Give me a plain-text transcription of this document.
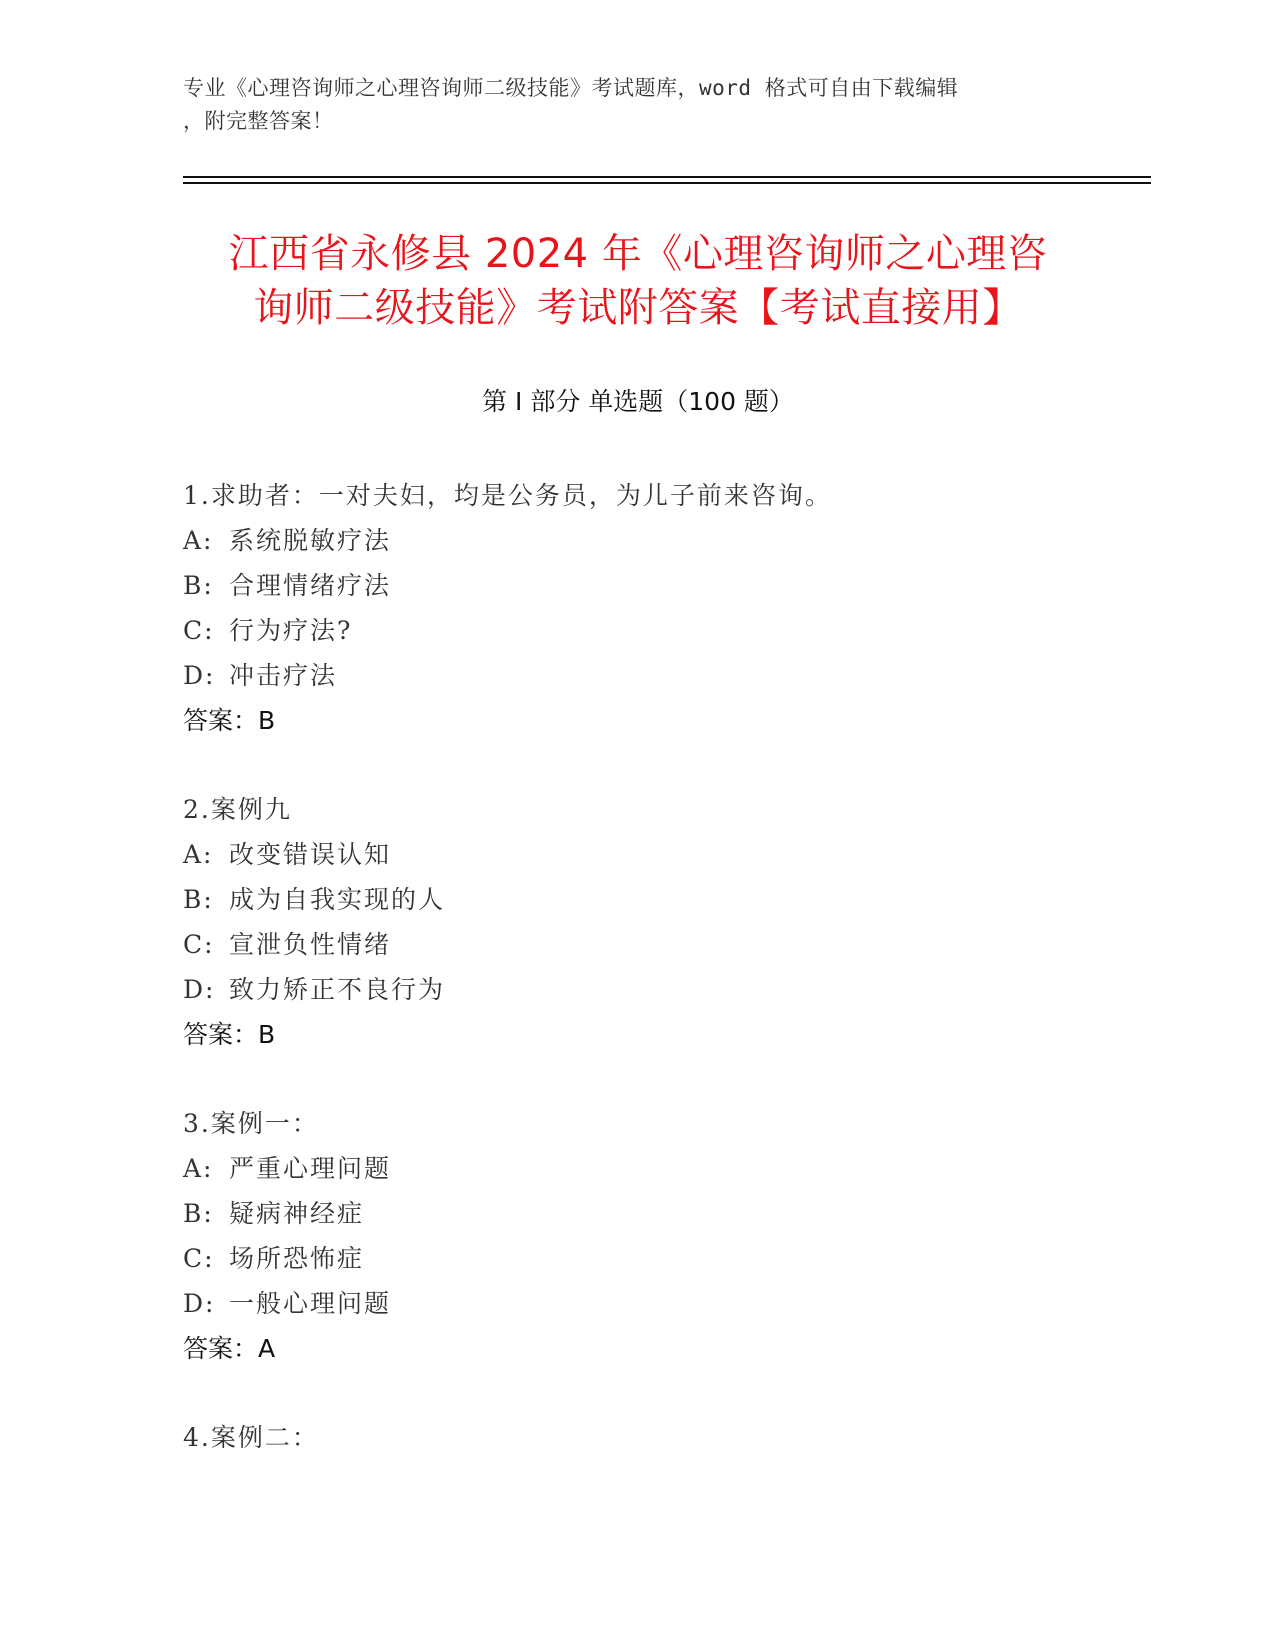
专业《心理咨询师之心理咨询师二级技能》考试题库，word 格式可自由下载编辑
，附完整答案！
江西省永修县 2024 年《心理咨询师之心理咨
询师二级技能》考试附答案【考试直接用】
第 I 部分 单选题（100 题）
1.求助者：一对夫妇，均是公务员，为儿子前来咨询。
A: 系统脱敏疗法
B: 合理情绪疗法
C: 行为疗法?
D: 冲击疗法
答案：B
2.案例九
A: 改变错误认知
B: 成为自我实现的人
C: 宣泄负性情绪
D: 致力矫正不良行为
答案：B
3.案例一：
A: 严重心理问题
B: 疑病神经症
C: 场所恐怖症
D: 一般心理问题
答案：A
4.案例二：
